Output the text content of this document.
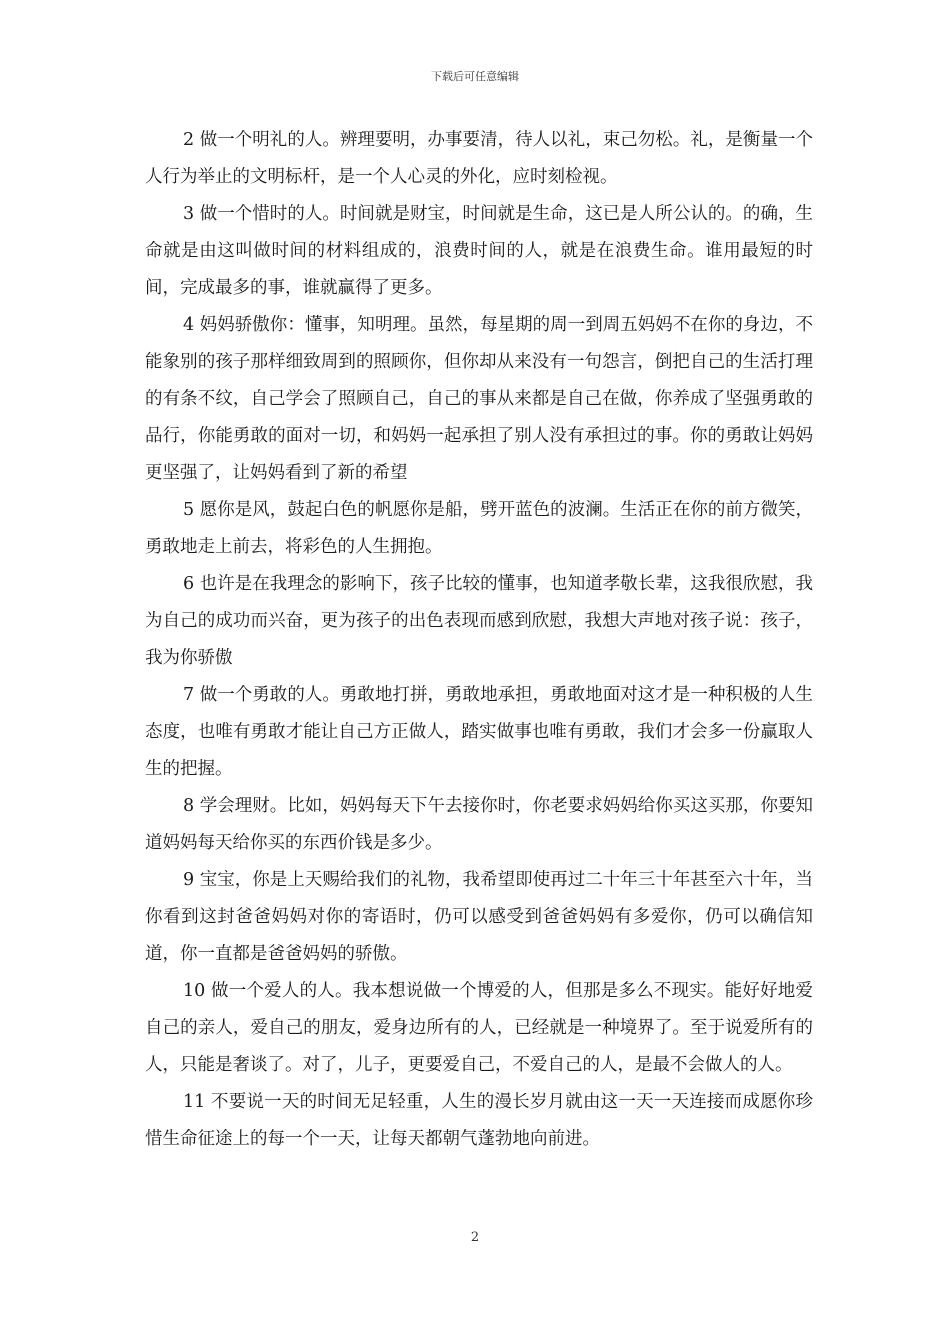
下载后可任意编辑

2 做一个明礼的人。辨理要明，办事要清，待人以礼，束己勿松。礼，是衡量一个人行为举止的文明标杆，是一个人心灵的外化，应时刻检视。

3 做一个惜时的人。时间就是财宝，时间就是生命，这已是人所公认的。的确，生命就是由这叫做时间的材料组成的，浪费时间的人，就是在浪费生命。谁用最短的时间，完成最多的事，谁就赢得了更多。

4 妈妈骄傲你：懂事，知明理。虽然，每星期的周一到周五妈妈不在你的身边，不能象别的孩子那样细致周到的照顾你，但你却从来没有一句怨言，倒把自己的生活打理的有条不纹，自己学会了照顾自己，自己的事从来都是自己在做，你养成了坚强勇敢的品行，你能勇敢的面对一切，和妈妈一起承担了别人没有承担过的事。你的勇敢让妈妈更坚强了，让妈妈看到了新的希望

5 愿你是风，鼓起白色的帆愿你是船，劈开蓝色的波澜。生活正在你的前方微笑，勇敢地走上前去，将彩色的人生拥抱。

6 也许是在我理念的影响下，孩子比较的懂事，也知道孝敬长辈，这我很欣慰，我为自己的成功而兴奋，更为孩子的出色表现而感到欣慰，我想大声地对孩子说：孩子，我为你骄傲

7 做一个勇敢的人。勇敢地打拼，勇敢地承担，勇敢地面对这才是一种积极的人生态度，也唯有勇敢才能让自己方正做人，踏实做事也唯有勇敢，我们才会多一份赢取人生的把握。

8 学会理财。比如，妈妈每天下午去接你时，你老要求妈妈给你买这买那，你要知道妈妈每天给你买的东西价钱是多少。

9 宝宝，你是上天赐给我们的礼物，我希望即使再过二十年三十年甚至六十年，当你看到这封爸爸妈妈对你的寄语时，仍可以感受到爸爸妈妈有多爱你，仍可以确信知道，你一直都是爸爸妈妈的骄傲。

10 做一个爱人的人。我本想说做一个博爱的人，但那是多么不现实。能好好地爱自己的亲人，爱自己的朋友，爱身边所有的人，已经就是一种境界了。至于说爱所有的人，只能是奢谈了。对了，儿子，更要爱自己，不爱自己的人，是最不会做人的人。

11 不要说一天的时间无足轻重，人生的漫长岁月就由这一天一天连接而成愿你珍惜生命征途上的每一个一天，让每天都朝气蓬勃地向前进。

2
